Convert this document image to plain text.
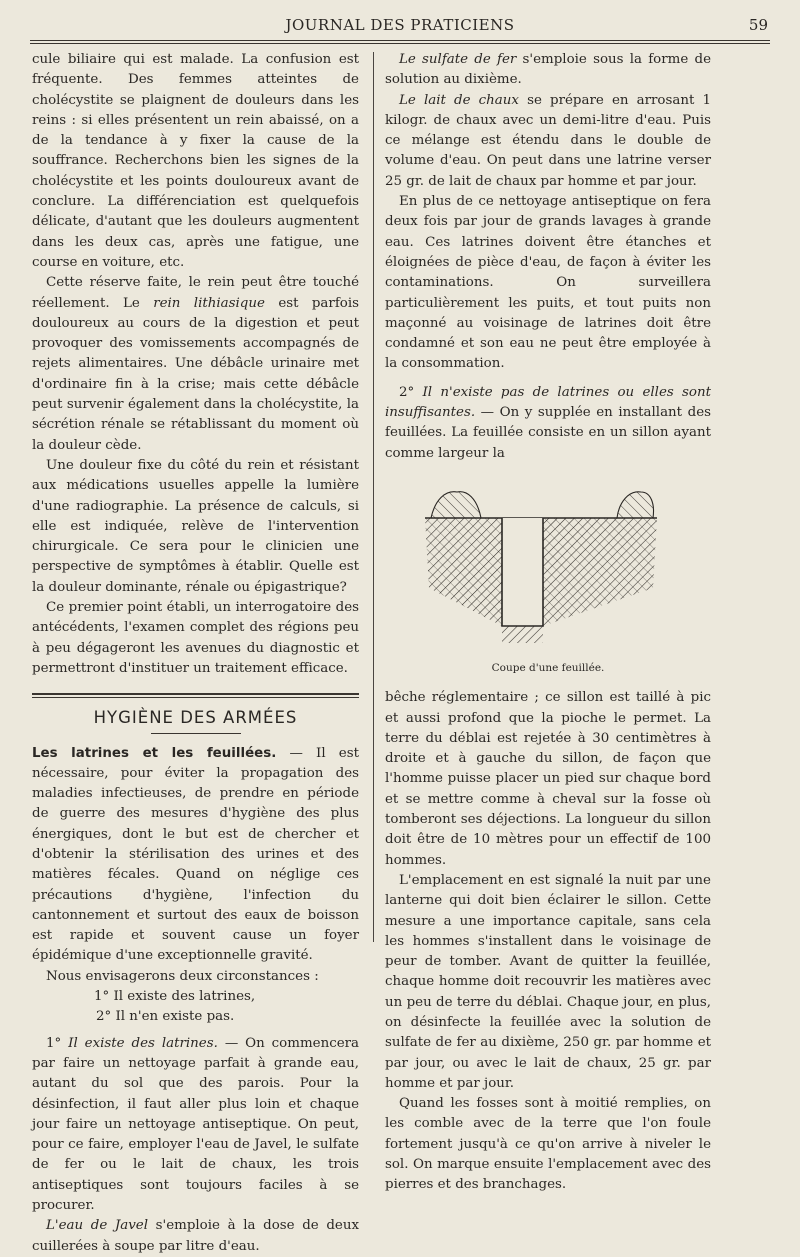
JOURNAL DES PRATICIENS	59

cule biliaire qui est malade. La confusion est fréquente. Des femmes atteintes de cholécystite se plaignent de douleurs dans les reins : si elles présentent un rein abaissé, on a de la tendance à y fixer la cause de la souffrance. Recherchons bien les signes de la cholécystite et les points douloureux avant de conclure. La différenciation est quelquefois délicate, d'autant que les douleurs augmentent dans les deux cas, après une fatigue, une course en voiture, etc.

Cette réserve faite, le rein peut être touché réellement. Le rein lithiasique est parfois douloureux au cours de la digestion et peut provoquer des vomissements accompagnés de rejets alimentaires. Une débâcle urinaire met d'ordinaire fin à la crise; mais cette débâcle peut survenir également dans la cholécystite, la sécrétion rénale se rétablissant du moment où la douleur cède.

Une douleur fixe du côté du rein et résistant aux médications usuelles appelle la lumière d'une radiographie. La présence de calculs, si elle est indiquée, relève de l'intervention chirurgicale. Ce sera pour le clinicien une perspective de symptômes à établir. Quelle est la douleur dominante, rénale ou épigastrique?

Ce premier point établi, un interrogatoire des antécédents, l'examen complet des régions peu à peu dégageront les avenues du diagnostic et permettront d'instituer un traitement efficace.

HYGIÈNE DES ARMÉES

Les latrines et les feuillées. — Il est nécessaire, pour éviter la propagation des maladies infectieuses, de prendre en période de guerre des mesures d'hygiène des plus énergiques, dont le but est de chercher et d'obtenir la stérilisation des urines et des matières fécales. Quand on néglige ces précautions d'hygiène, l'infection du cantonnement et surtout des eaux de boisson est rapide et souvent cause un foyer épidémique d'une exceptionnelle gravité.

Nous envisagerons deux circonstances :

1° Il existe des latrines,

2° Il n'en existe pas.

1° Il existe des latrines. — On commencera par faire un nettoyage parfait à grande eau, autant du sol que des parois. Pour la désinfection, il faut aller plus loin et chaque jour faire un nettoyage antiseptique. On peut, pour ce faire, employer l'eau de Javel, le sulfate de fer ou le lait de chaux, les trois antiseptiques sont toujours faciles à se procurer.

L'eau de Javel s'emploie à la dose de deux cuillerées à soupe par litre d'eau.

Le sulfate de fer s'emploie sous la forme de solution au dixième.

Le lait de chaux se prépare en arrosant 1 kilogr. de chaux avec un demi-litre d'eau. Puis ce mélange est étendu dans le double de volume d'eau. On peut dans une latrine verser 25 gr. de lait de chaux par homme et par jour.

En plus de ce nettoyage antiseptique on fera deux fois par jour de grands lavages à grande eau. Ces latrines doivent être étanches et éloignées de pièce d'eau, de façon à éviter les contaminations. On surveillera particulièrement les puits, et tout puits non maçonné au voisinage de latrines doit être condamné et son eau ne peut être employée à la consommation.

2° Il n'existe pas de latrines ou elles sont insuffisantes. — On y supplée en installant des feuillées. La feuillée consiste en un sillon ayant comme largeur la

Coupe d'une feuillée.

bêche réglementaire ; ce sillon est taillé à pic et aussi profond que la pioche le permet. La terre du déblai est rejetée à 30 centimètres à droite et à gauche du sillon, de façon que l'homme puisse placer un pied sur chaque bord et se mettre comme à cheval sur la fosse où tomberont ses déjections. La longueur du sillon doit être de 10 mètres pour un effectif de 100 hommes.

L'emplacement en est signalé la nuit par une lanterne qui doit bien éclairer le sillon. Cette mesure a une importance capitale, sans cela les hommes s'installent dans le voisinage de peur de tomber. Avant de quitter la feuillée, chaque homme doit recouvrir les matières avec un peu de terre du déblai. Chaque jour, en plus, on désinfecte la feuillée avec la solution de sulfate de fer au dixième, 250 gr. par homme et par jour, ou avec le lait de chaux, 25 gr. par homme et par jour.

Quand les fosses sont à moitié remplies, on les comble avec de la terre que l'on foule fortement jusqu'à ce qu'on arrive à niveler le sol. On marque ensuite l'emplacement avec des pierres et des branchages.
